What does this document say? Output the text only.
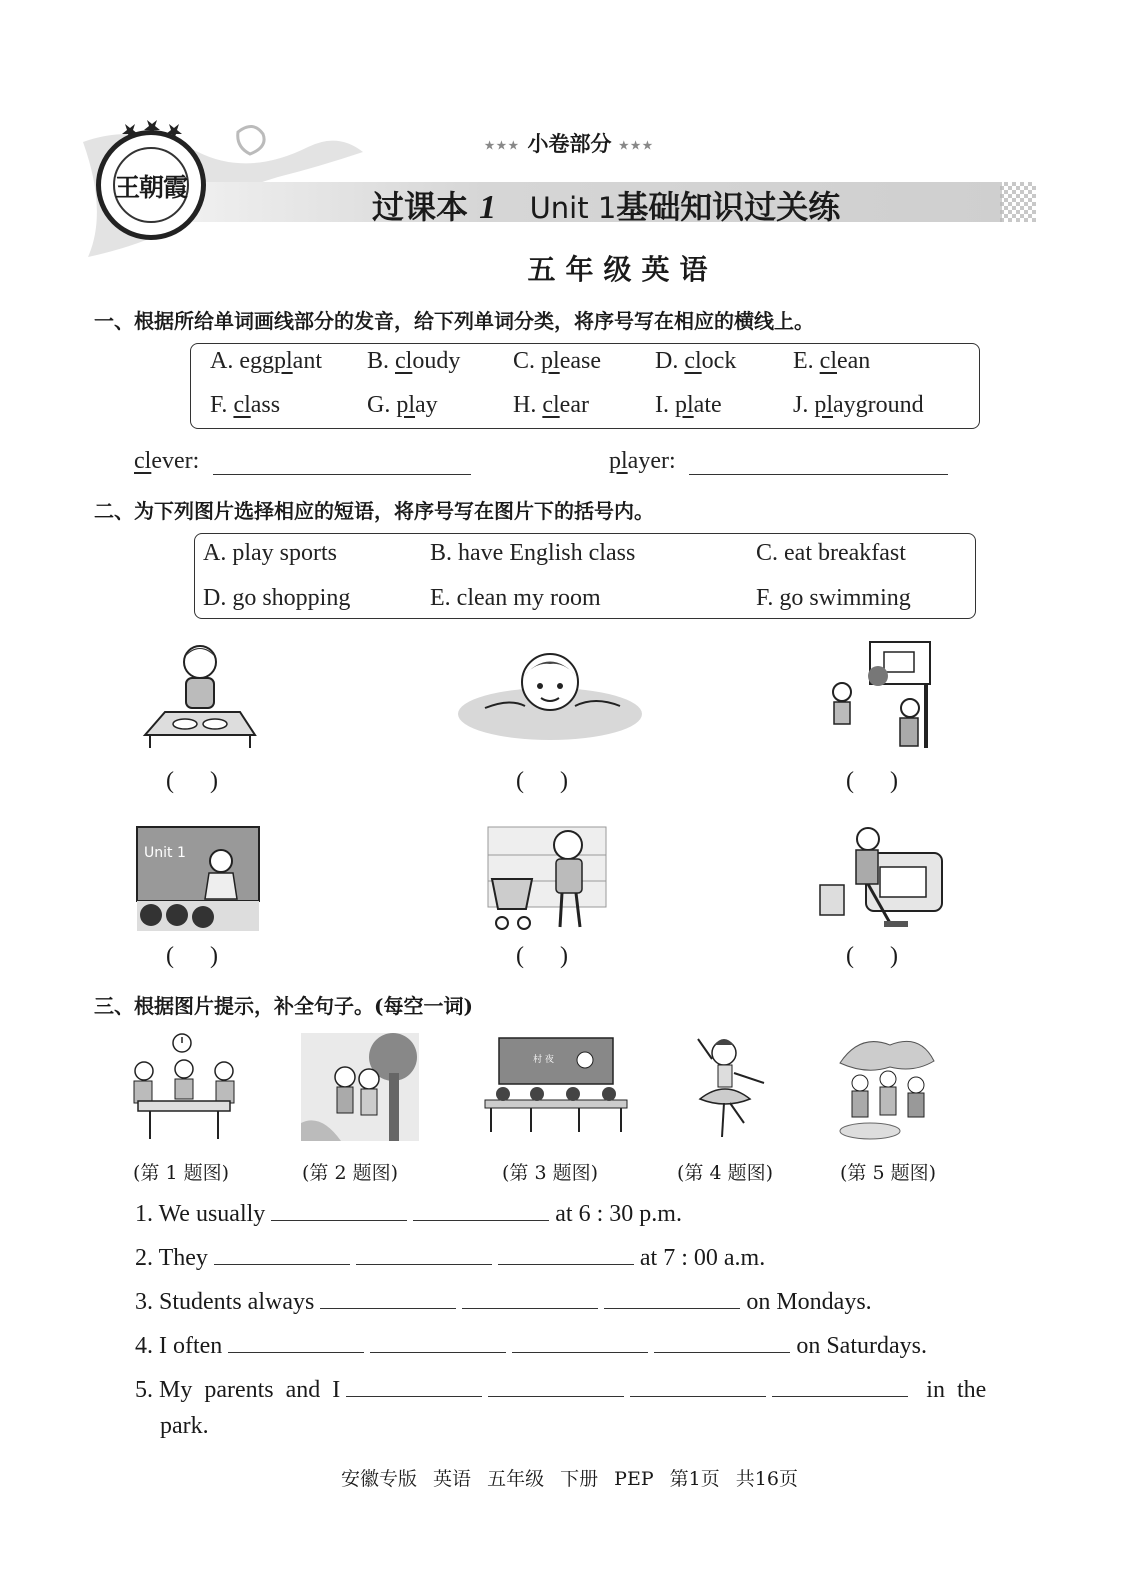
王朝霞
★★★ 小卷部分 ★★★
过课本 1 Unit 1基础知识过关练
五年级英语
一、根据所给单词画线部分的发音，给下列单词分类，将序号写在相应的横线上。
A. eggplant B. cloudy C. please D. clock E. clean
F. class	G. play	H. clear	I. plate	J. playground
clever:	player:
二、为下列图片选择相应的短语，将序号写在图片下的括号内。
A. play sports	B. have English class	C. eat breakfast
D. go shopping	E. clean my room	F. go swimming
(      )	(      )	(      )
Unit 1
(      )	(      )	(      )
三、根据图片提示，补全句子。(每空一词)
村 夜
(第 1 题图)	(第 2 题图)	(第 3 题图)	(第 4 题图)	(第 5 题图)
1. We usually	at 6 : 30 p.m.
2. They	at 7 : 00 a.m.
3. Students always	on Mondays.
4. I often	on Saturdays.
5. My  parents  and  I	in  the
park.
安徽专版 英语 五年级 下册 PEP 第1页 共16页
